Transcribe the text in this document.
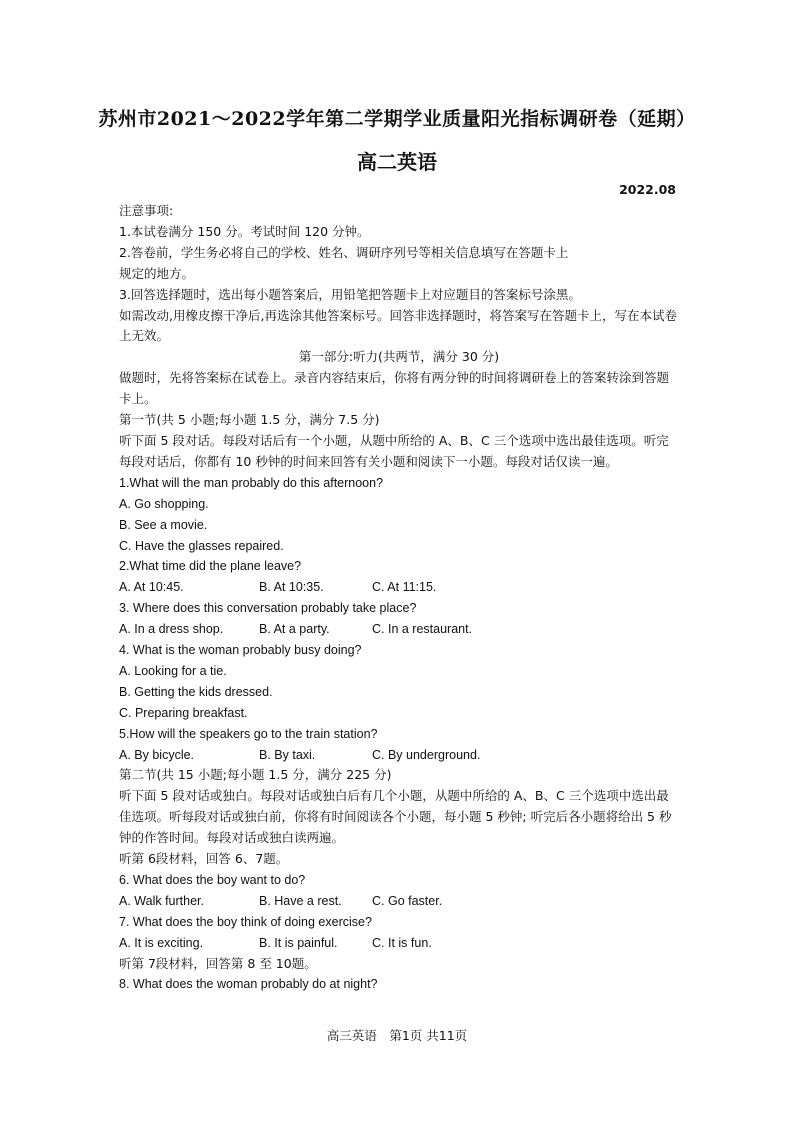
苏州市2021～2022学年第二学期学业质量阳光指标调研卷（延期）
高二英语
2022.08
注意事项:
1.本试卷满分 150 分。考试时间 120 分钟。
2.答卷前，学生务必将自己的学校、姓名、调研序列号等相关信息填写在答题卡上
规定的地方。
3.回答选择题时，选出每小题答案后，用铅笔把答题卡上对应题目的答案标号涂黑。
如需改动,用橡皮擦干净后,再选涂其他答案标号。回答非选择题时，将答案写在答题卡上，写在本试卷上无效。
第一部分:听力(共两节，满分 30 分)
做题时，先将答案标在试卷上。录音内容结束后，你将有两分钟的时间将调研卷上的答案转涂到答题卡上。
第一节(共 5 小题;每小题 1.5 分，满分 7.5 分)
听下面 5 段对话。每段对话后有一个小题，从题中所给的 A、B、C 三个选项中选出最佳选项。听完每段对话后，你都有 10 秒钟的时间来回答有关小题和阅读下一小题。每段对话仅读一遍。
1.What will the man probably do this afternoon?
A. Go shopping.
B. See a movie.
C. Have the glasses repaired.
2.What time did the plane leave?
A. At 10:45.	B. At 10:35.	C. At 11:15.
3. Where does this conversation probably take place?
A. In a dress shop.	B. At a party.	C. In a restaurant.
4. What is the woman probably busy doing?
A. Looking for a tie.
B. Getting the kids dressed.
C. Preparing breakfast.
5.How will the speakers go to the train station?
A. By bicycle.	B. By taxi.	C. By underground.
第二节(共 15 小题;每小题 1.5 分，满分 225 分)
听下面 5 段对话或独白。每段对话或独白后有几个小题，从题中所给的 A、B、C 三个选项中选出最佳选项。听每段对话或独白前，你将有时间阅读各个小题，每小题 5 秒钟; 听完后各小题将给出 5 秒钟的作答时间。每段对话或独白读两遍。
听第 6段材料，回答 6、7题。
6. What does the boy want to do?
A. Walk further.	B. Have a rest. C. Go faster.
7. What does the boy think of doing exercise?
A. It is exciting.	B. It is painful.	C. It is fun.
听第 7段材料，回答第 8 至 10题。
8. What does the woman probably do at night?
高三英语　第1页 共11页
